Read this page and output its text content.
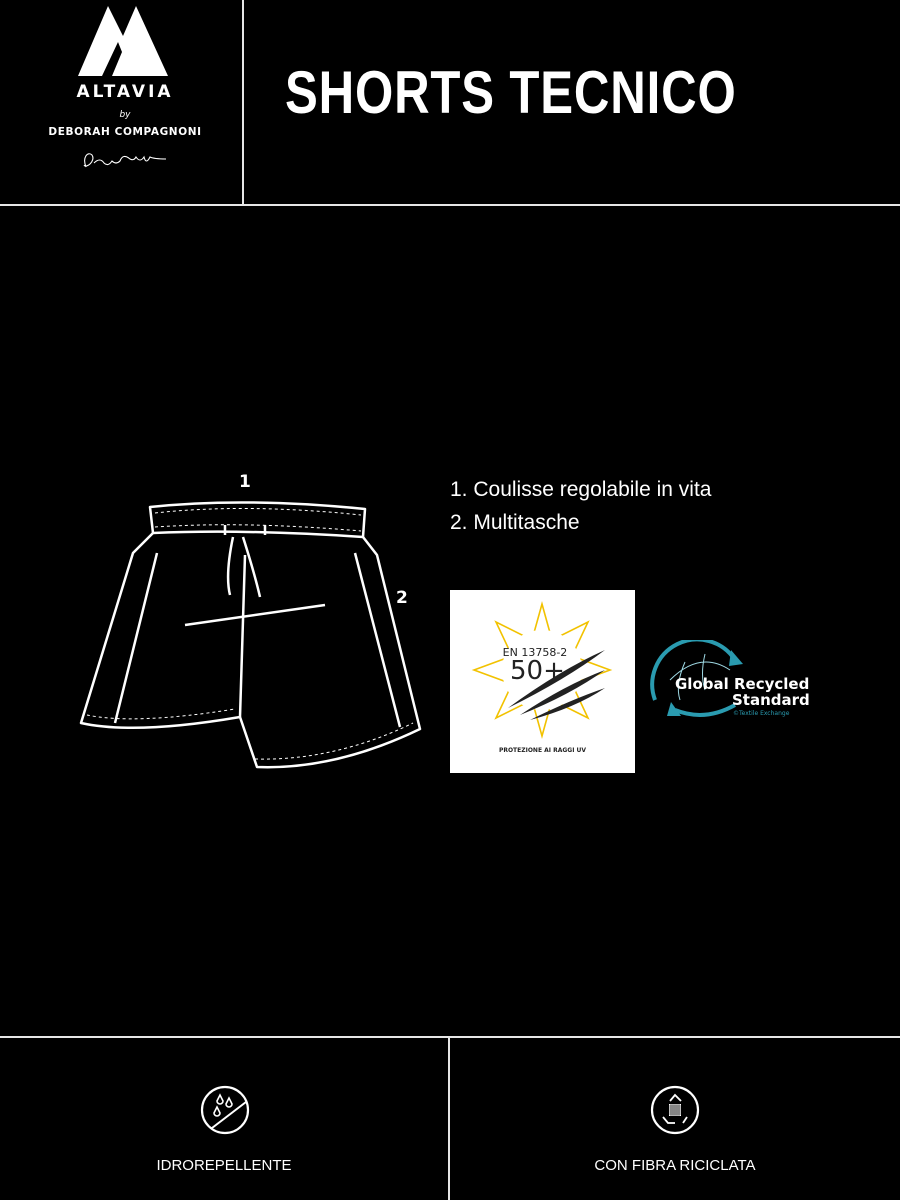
ALTAVIA
by
DEBORAH COMPAGNONI
SHORTS TECNICO
1
2
1. Coulisse regolabile in vita
2. Multitasche
EN 13758-2
50+
PROTEZIONE AI RAGGI UV
Global Recycled
Standard
©Textile Exchange
IDROREPELLENTE	CON FIBRA RICICLATA
